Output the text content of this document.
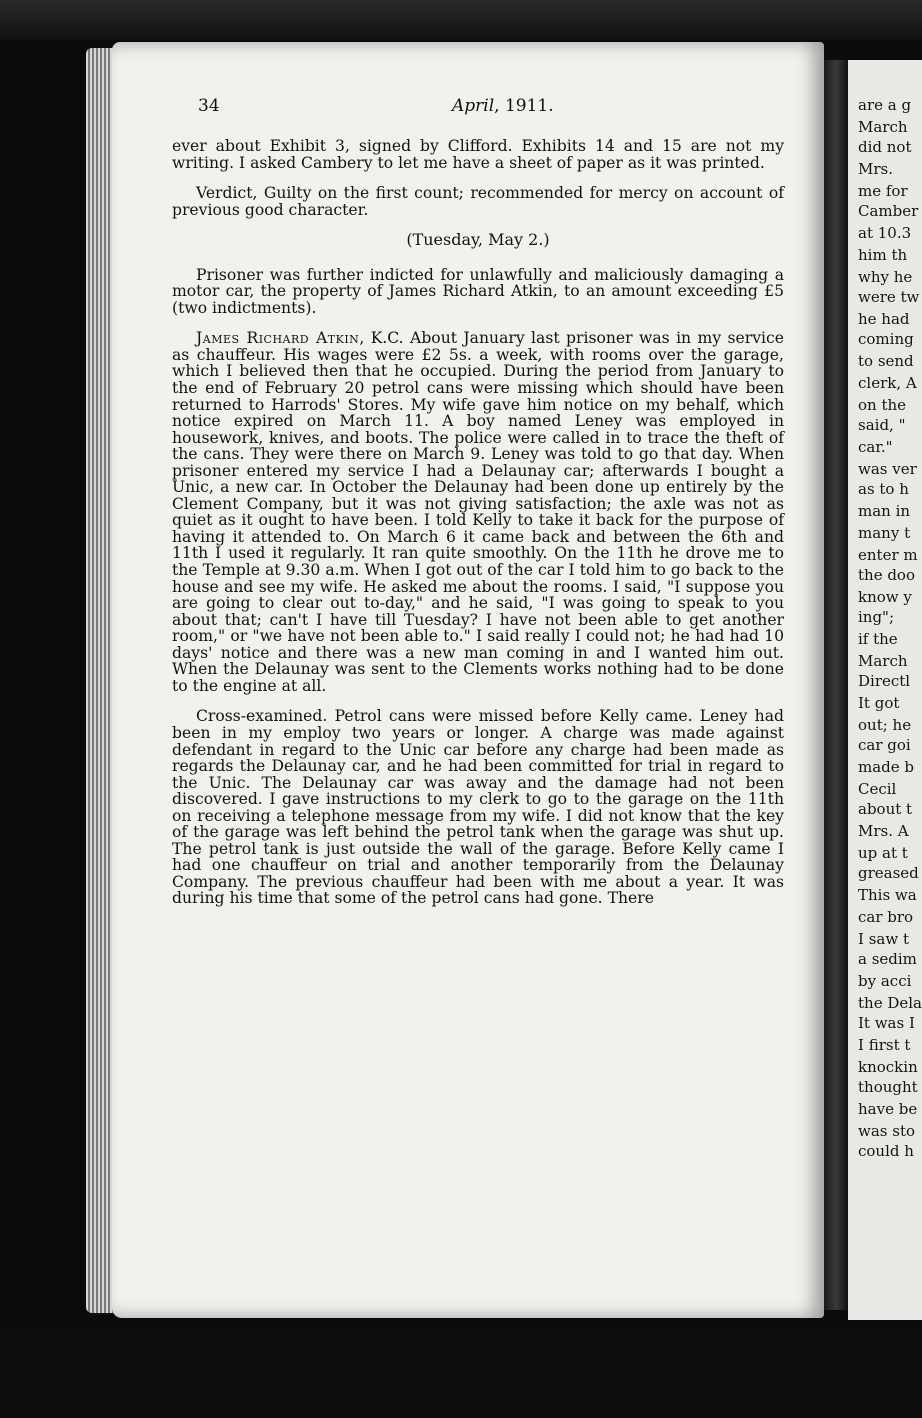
are a g
March
did not
Mrs.
me for
Camber
at 10.3
him th
why he
were tw
he had
coming
to send
clerk, A
on the
said, "
car."
was ver
as to h
man in
many t
enter m
the doo
know y
ing";
if the
March
Directl
It got
out; he
car goi
made b
Cecil
about t
Mrs. A
up at t
greased
This wa
car bro
I saw t
a sedim
by acci
the Dela
It was I
I first t
knockin
thought
have be
was sto
could h
34	April, 1911.

ever about Exhibit 3, signed by Clifford. Exhibits 14 and 15 are not my writing. I asked Cambery to let me have a sheet of paper as it was printed.

Verdict, Guilty on the first count; recommended for mercy on account of previous good character.

(Tuesday, May 2.)

Prisoner was further indicted for unlawfully and maliciously damaging a motor car, the property of James Richard Atkin, to an amount exceeding £5 (two indictments).

James Richard Atkin, K.C. About January last prisoner was in my service as chauffeur. His wages were £2 5s. a week, with rooms over the garage, which I believed then that he occupied. During the period from January to the end of February 20 petrol cans were missing which should have been returned to Harrods' Stores. My wife gave him notice on my behalf, which notice expired on March 11. A boy named Leney was employed in housework, knives, and boots. The police were called in to trace the theft of the cans. They were there on March 9. Leney was told to go that day. When prisoner entered my service I had a Delaunay car; afterwards I bought a Unic, a new car. In October the Delaunay had been done up entirely by the Clement Company, but it was not giving satisfaction; the axle was not as quiet as it ought to have been. I told Kelly to take it back for the purpose of having it attended to. On March 6 it came back and between the 6th and 11th I used it regularly. It ran quite smoothly. On the 11th he drove me to the Temple at 9.30 a.m. When I got out of the car I told him to go back to the house and see my wife. He asked me about the rooms. I said, "I suppose you are going to clear out to-day," and he said, "I was going to speak to you about that; can't I have till Tuesday? I have not been able to get another room," or "we have not been able to." I said really I could not; he had had 10 days' notice and there was a new man coming in and I wanted him out. When the Delaunay was sent to the Clements works nothing had to be done to the engine at all.

Cross-examined. Petrol cans were missed before Kelly came. Leney had been in my employ two years or longer. A charge was made against defendant in regard to the Unic car before any charge had been made as regards the Delaunay car, and he had been committed for trial in regard to the Unic. The Delaunay car was away and the damage had not been discovered. I gave instructions to my clerk to go to the garage on the 11th on receiving a telephone message from my wife. I did not know that the key of the garage was left behind the petrol tank when the garage was shut up. The petrol tank is just outside the wall of the garage. Before Kelly came I had one chauffeur on trial and another temporarily from the Delaunay Company. The previous chauffeur had been with me about a year. It was during his time that some of the petrol cans had gone. There
